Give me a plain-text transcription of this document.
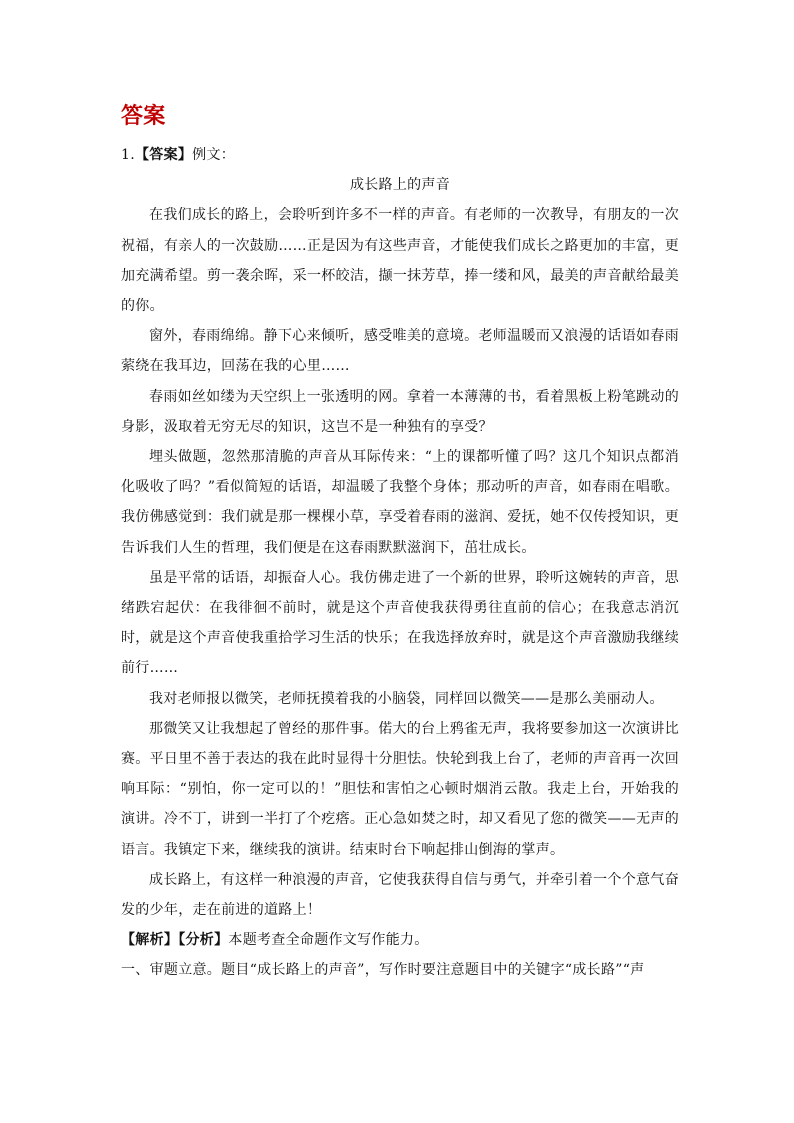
答案

1.【答案】例文：

成长路上的声音

在我们成长的路上，会聆听到许多不一样的声音。有老师的一次教导，有朋友的一次祝福，有亲人的一次鼓励……正是因为有这些声音，才能使我们成长之路更加的丰富，更加充满希望。剪一袭余晖，采一杯皎洁，撷一抹芳草，捧一缕和风，最美的声音献给最美的你。

窗外，春雨绵绵。静下心来倾听，感受唯美的意境。老师温暖而又浪漫的话语如春雨萦绕在我耳边，回荡在我的心里……

春雨如丝如缕为天空织上一张透明的网。拿着一本薄薄的书，看着黑板上粉笔跳动的身影，汲取着无穷无尽的知识，这岂不是一种独有的享受？

埋头做题，忽然那清脆的声音从耳际传来：“上的课都听懂了吗？这几个知识点都消化吸收了吗？”看似简短的话语，却温暖了我整个身体；那动听的声音，如春雨在唱歌。我仿佛感觉到：我们就是那一棵棵小草，享受着春雨的滋润、爱抚，她不仅传授知识，更告诉我们人生的哲理，我们便是在这春雨默默滋润下，茁壮成长。

虽是平常的话语，却振奋人心。我仿佛走进了一个新的世界，聆听这婉转的声音，思绪跌宕起伏：在我徘徊不前时，就是这个声音使我获得勇往直前的信心；在我意志消沉时，就是这个声音使我重拾学习生活的快乐；在我选择放弃时，就是这个声音激励我继续前行……

我对老师报以微笑，老师抚摸着我的小脑袋，同样回以微笑——是那么美丽动人。

那微笑又让我想起了曾经的那件事。偌大的台上鸦雀无声，我将要参加这一次演讲比赛。平日里不善于表达的我在此时显得十分胆怯。快轮到我上台了，老师的声音再一次回响耳际：“别怕，你一定可以的！”胆怯和害怕之心顿时烟消云散。我走上台，开始我的演讲。冷不丁，讲到一半打了个疙瘩。正心急如焚之时，却又看见了您的微笑——无声的语言。我镇定下来，继续我的演讲。结束时台下响起排山倒海的掌声。

成长路上，有这样一种浪漫的声音，它使我获得自信与勇气，并牵引着一个个意气奋发的少年，走在前进的道路上！

【解析】【分析】本题考查全命题作文写作能力。

一、审题立意。题目“成长路上的声音”，写作时要注意题目中的关键字“成长路”“声
